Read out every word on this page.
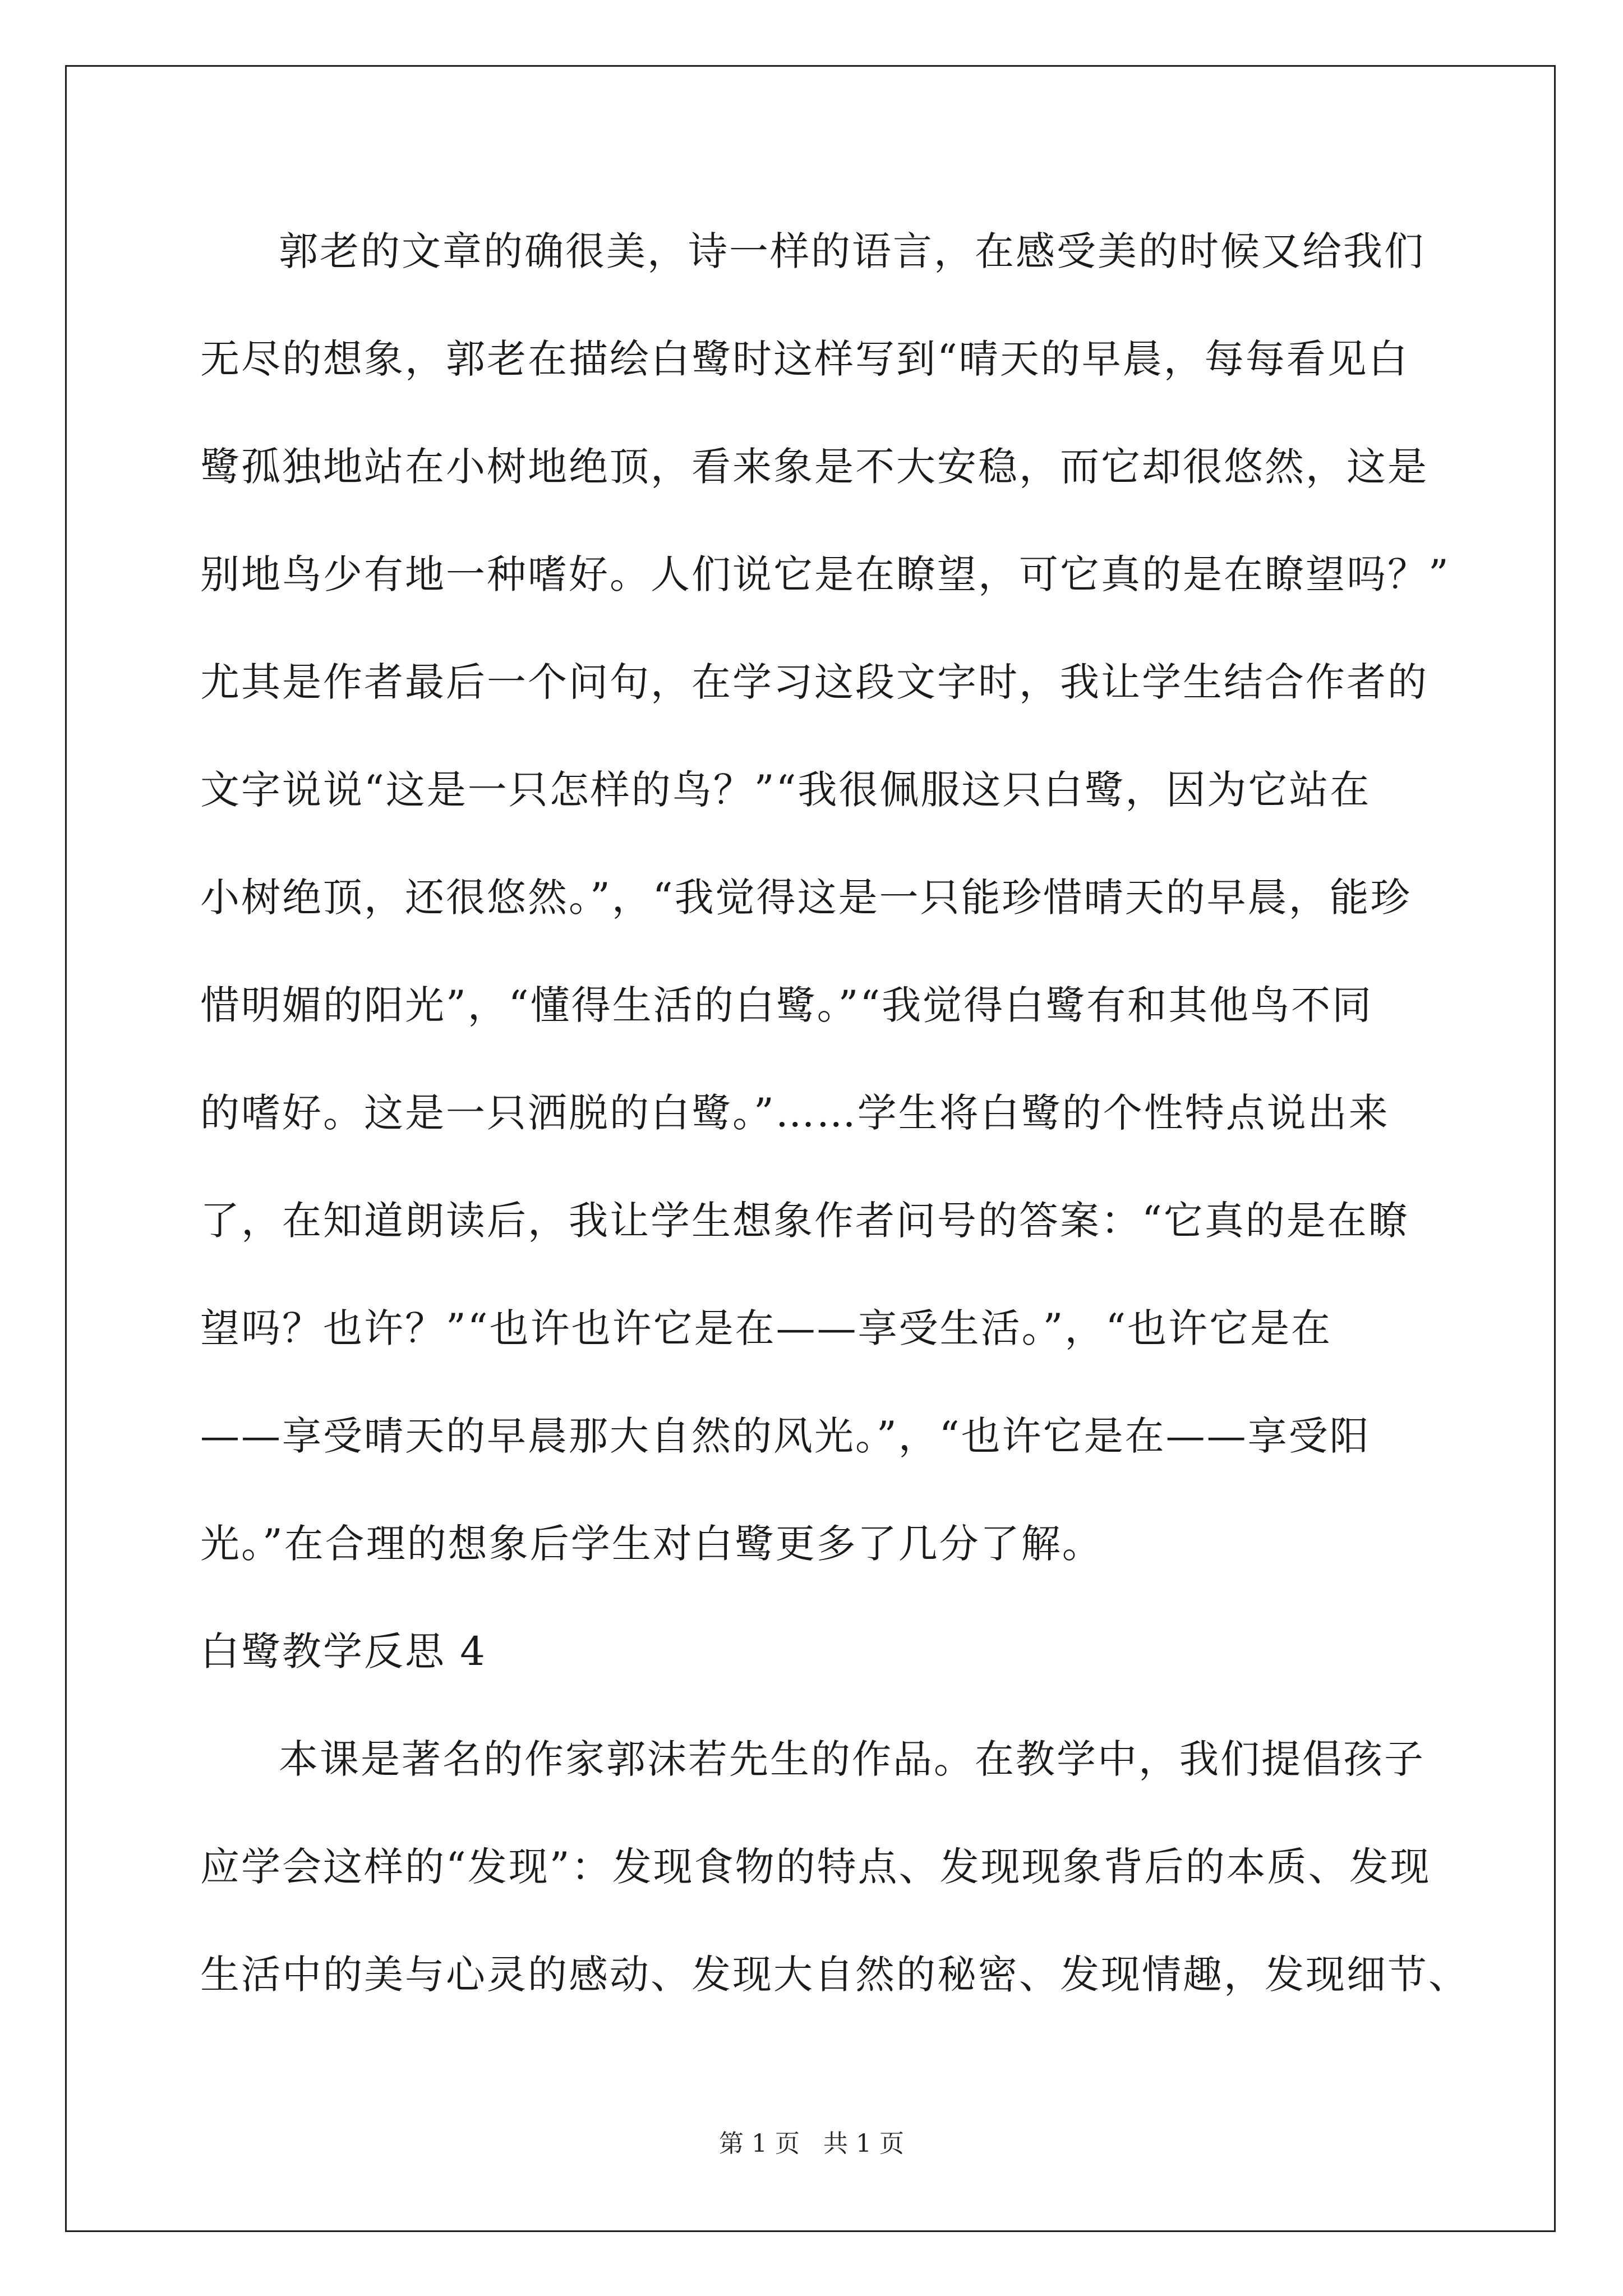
郭老的文章的确很美，诗一样的语言，在感受美的时候又给我们
无尽的想象，郭老在描绘白鹭时这样写到“晴天的早晨，每每看见白
鹭孤独地站在小树地绝顶，看来象是不大安稳，而它却很悠然，这是
别地鸟少有地一种嗜好。人们说它是在瞭望，可它真的是在瞭望吗？”
尤其是作者最后一个问句，在学习这段文字时，我让学生结合作者的
文字说说“这是一只怎样的鸟？”“我很佩服这只白鹭，因为它站在
小树绝顶，还很悠然。”，“我觉得这是一只能珍惜晴天的早晨，能珍
惜明媚的阳光”，“懂得生活的白鹭。”“我觉得白鹭有和其他鸟不同
的嗜好。这是一只洒脱的白鹭。”……学生将白鹭的个性特点说出来
了，在知道朗读后，我让学生想象作者问号的答案：“它真的是在瞭
望吗？也许？”“也许也许它是在——享受生活。”，“也许它是在
——享受晴天的早晨那大自然的风光。”，“也许它是在——享受阳
光。”在合理的想象后学生对白鹭更多了几分了解。
白鹭教学反思 4
本课是著名的作家郭沫若先生的作品。在教学中，我们提倡孩子
应学会这样的“发现”：发现食物的特点、发现现象背后的本质、发现
生活中的美与心灵的感动、发现大自然的秘密、发现情趣，发现细节、
第 1 页 共 1 页
